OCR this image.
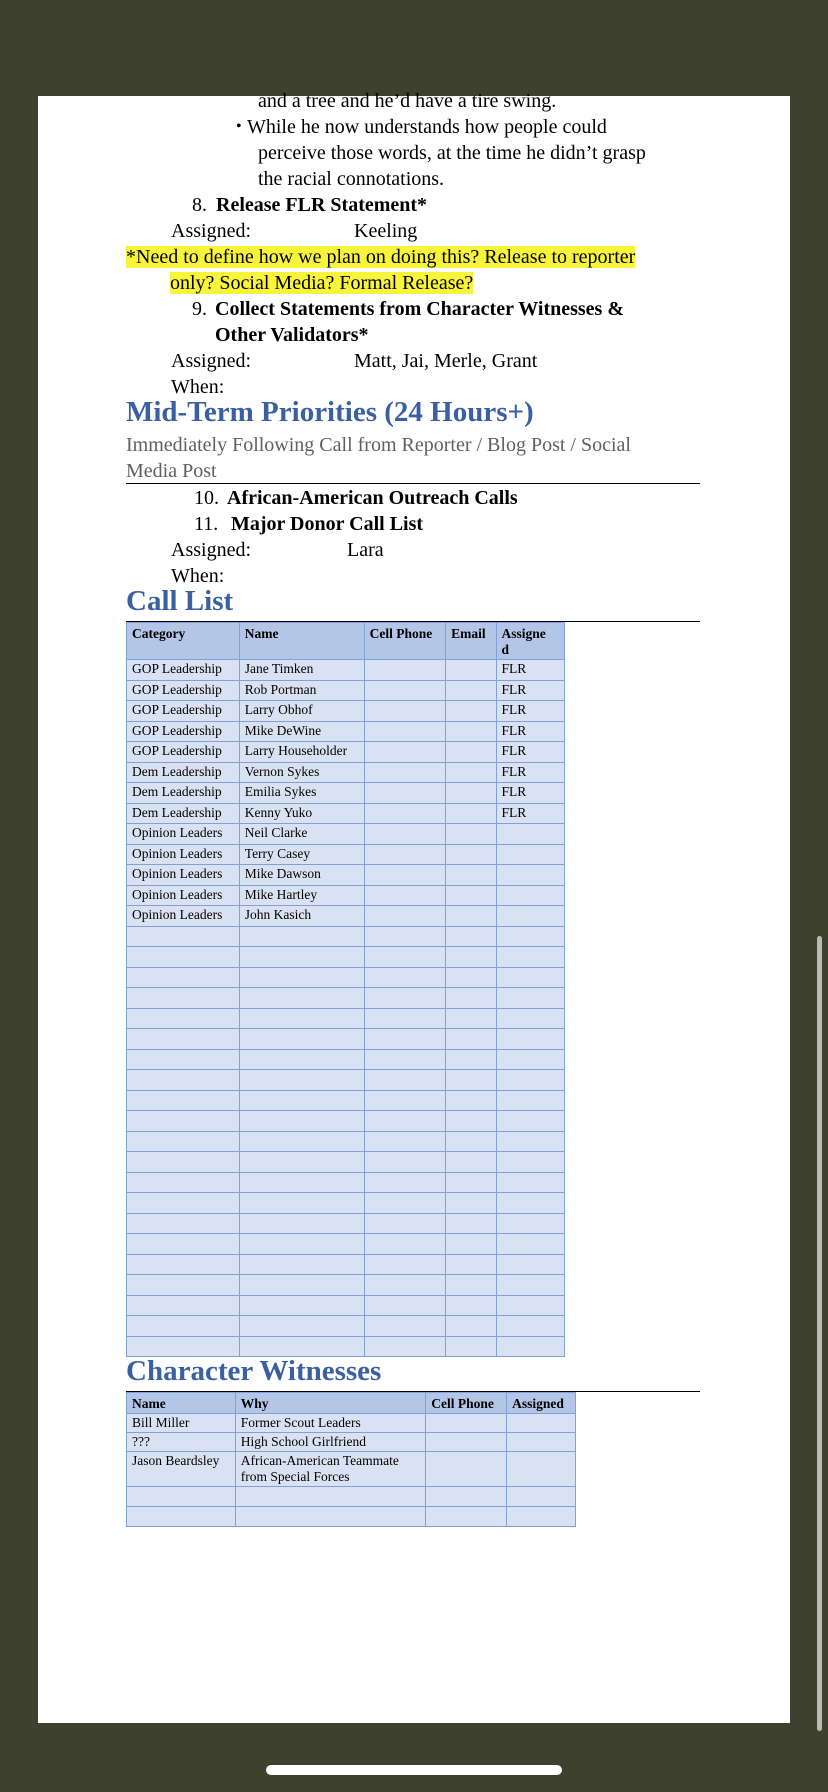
and a tree and he’d have a tire swing.
• While he now understands how people could
perceive those words, at the time he didn’t grasp
the racial connotations.
8. Release FLR Statement*
Assigned:	Keeling
*Need to define how we plan on doing this? Release to reporter
only? Social Media? Formal Release?
9. Collect Statements from Character Witnesses &
Other Validators*
Assigned:	Matt, Jai, Merle, Grant
When:
Mid-Term Priorities (24 Hours+)
Immediately Following Call from Reporter / Blog Post / Social
Media Post
10. African-American Outreach Calls
11. Major Donor Call List
Assigned:	Lara
When:
Call List
Category	Name	Cell Phone	Email	Assigne
d
GOP Leadership	Jane Timken			FLR
GOP Leadership	Rob Portman			FLR
GOP Leadership	Larry Obhof			FLR
GOP Leadership	Mike DeWine			FLR
GOP Leadership	Larry Householder			FLR
Dem Leadership	Vernon Sykes			FLR
Dem Leadership	Emilia Sykes			FLR
Dem Leadership	Kenny Yuko			FLR
Opinion Leaders	Neil Clarke			
Opinion Leaders	Terry Casey			
Opinion Leaders	Mike Dawson			
Opinion Leaders	Mike Hartley			
Opinion Leaders	John Kasich			

Character Witnesses
Name	Why	Cell Phone	Assigned
Bill Miller	Former Scout Leaders		
???	High School Girlfriend		
Jason Beardsley	African-American Teammate
from Special Forces		
